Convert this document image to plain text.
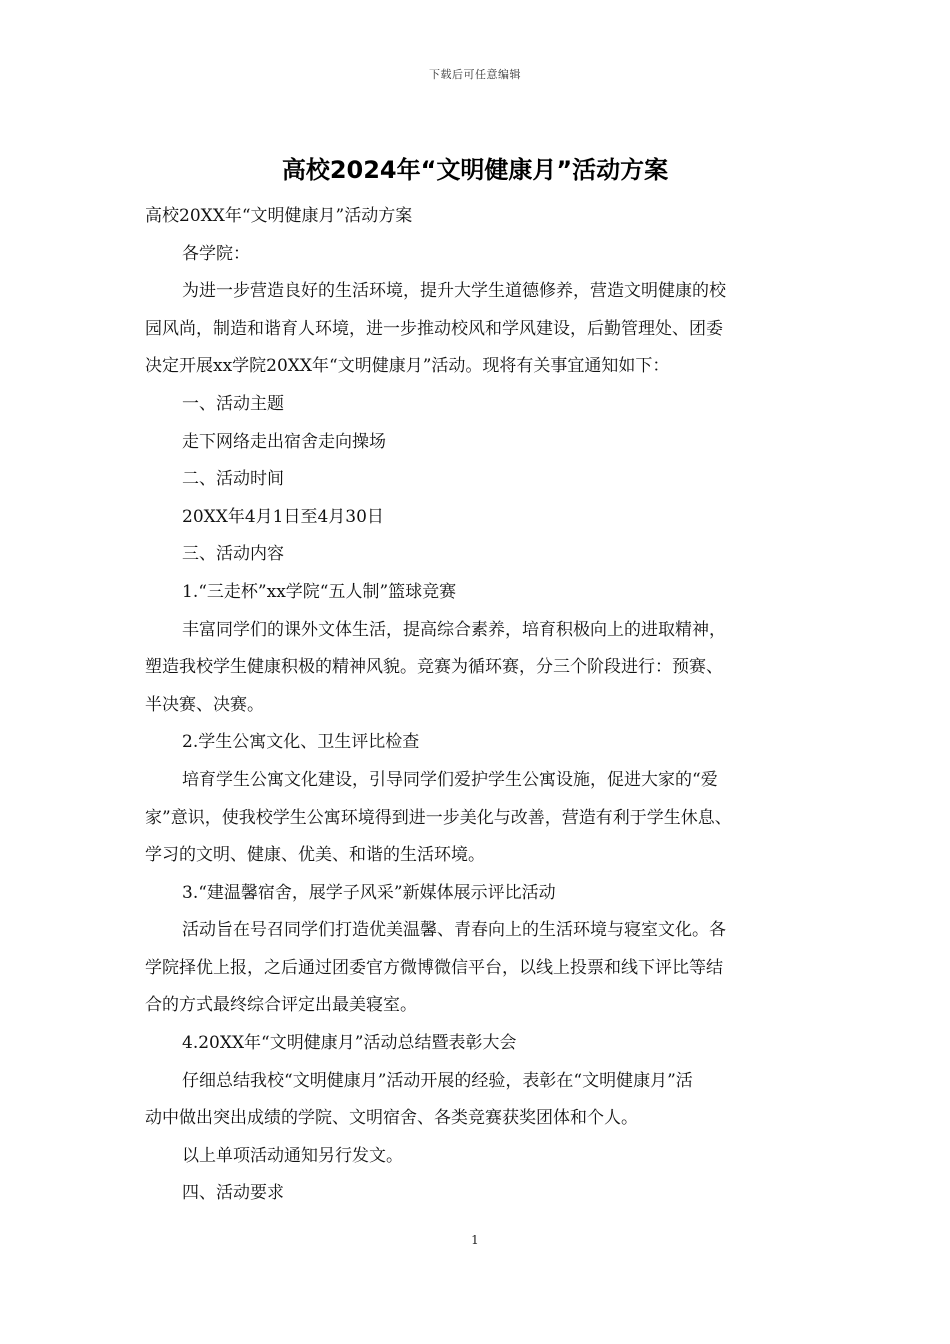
下载后可任意编辑
高校2024年“文明健康月”活动方案

高校20XX年“文明健康月”活动方案

各学院：

为进一步营造良好的生活环境，提升大学生道德修养，营造文明健康的校

园风尚，制造和谐育人环境，进一步推动校风和学风建设，后勤管理处、团委

决定开展xx学院20XX年“文明健康月”活动。现将有关事宜通知如下：

一、活动主题

走下网络走出宿舍走向操场

二、活动时间

20XX年4月1日至4月30日

三、活动内容

1.“三走杯”xx学院“五人制”篮球竞赛

丰富同学们的课外文体生活，提高综合素养，培育积极向上的进取精神，

塑造我校学生健康积极的精神风貌。竞赛为循环赛，分三个阶段进行：预赛、

半决赛、决赛。

2.学生公寓文化、卫生评比检查

培育学生公寓文化建设，引导同学们爱护学生公寓设施，促进大家的“爱

家”意识，使我校学生公寓环境得到进一步美化与改善，营造有利于学生休息、

学习的文明、健康、优美、和谐的生活环境。

3.“建温馨宿舍，展学子风采”新媒体展示评比活动

活动旨在号召同学们打造优美温馨、青春向上的生活环境与寝室文化。各

学院择优上报，之后通过团委官方微博微信平台，以线上投票和线下评比等结

合的方式最终综合评定出最美寝室。

4.20XX年“文明健康月”活动总结暨表彰大会

仔细总结我校“文明健康月”活动开展的经验，表彰在“文明健康月”活

动中做出突出成绩的学院、文明宿舍、各类竞赛获奖团体和个人。

以上单项活动通知另行发文。

四、活动要求

1
